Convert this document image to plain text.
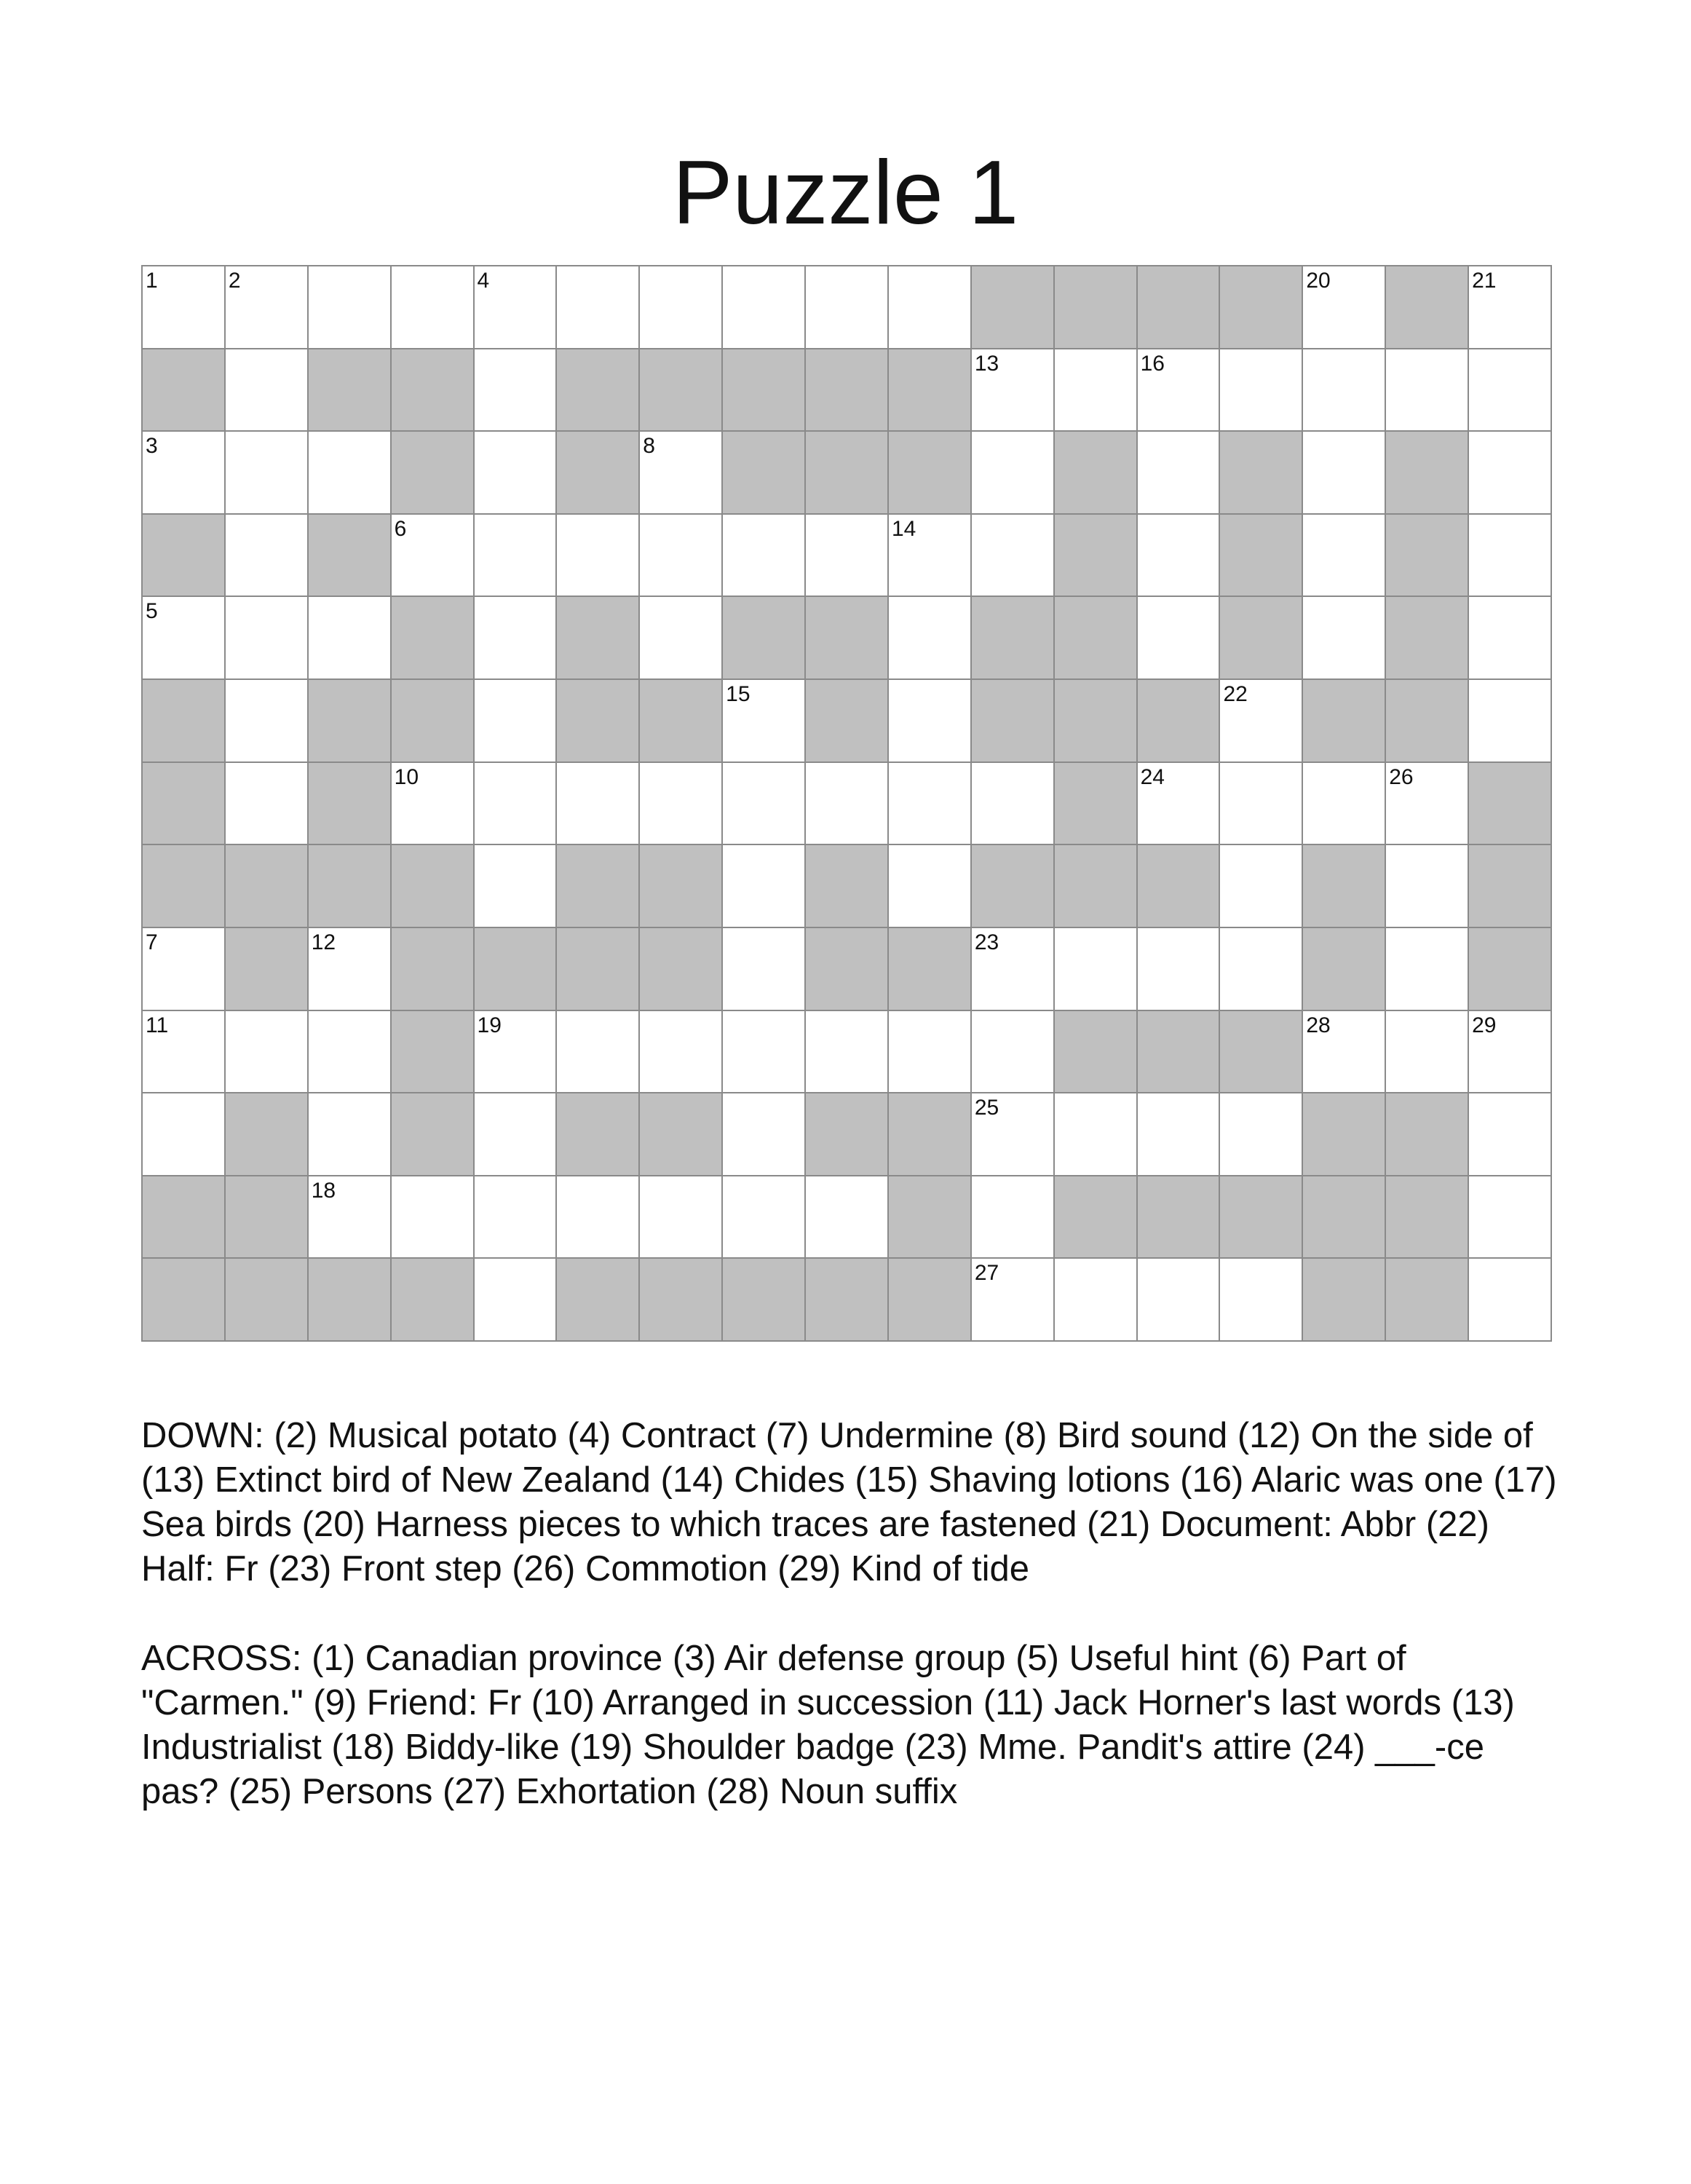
Puzzle 1
1	2	4	20	21
13	16
3	8
6	14
5
15	22
10	24	26
7	12	23
11	19	28	29
25
18
27

DOWN: (2) Musical potato (4) Contract (7) Undermine (8) Bird sound (12) On the side of (13) Extinct bird of New Zealand (14) Chides (15) Shaving lotions (16) Alaric was one (17) Sea birds (20) Harness pieces to which traces are fastened (21) Document: Abbr (22) Half: Fr (23) Front step (26) Commotion (29) Kind of tide

ACROSS: (1) Canadian province (3) Air defense group (5) Useful hint (6) Part of "Carmen." (9) Friend: Fr (10) Arranged in succession (11) Jack Horner's last words (13) Industrialist (18) Biddy-like (19) Shoulder badge (23) Mme. Pandit's attire (24) ___-ce pas? (25) Persons (27) Exhortation (28) Noun suffix
